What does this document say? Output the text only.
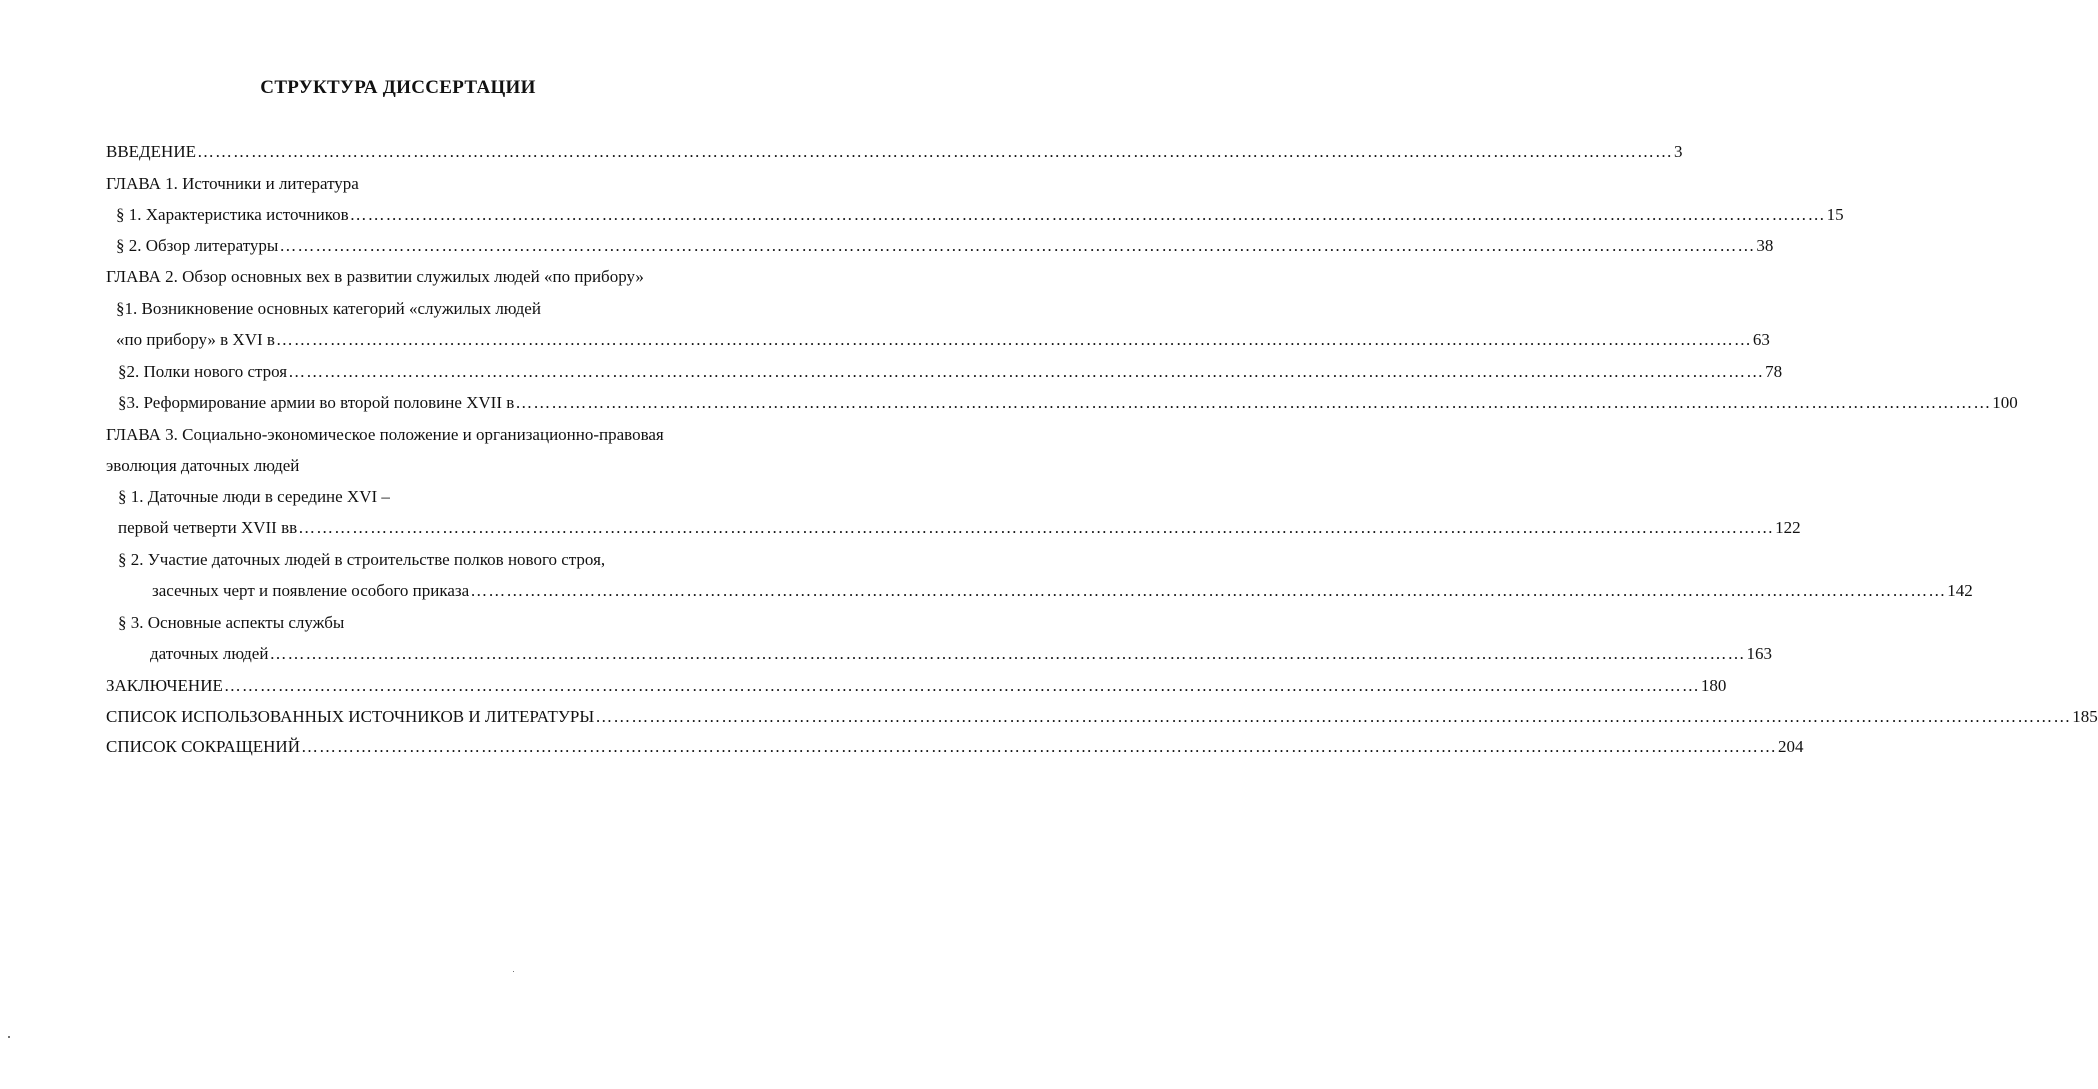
СТРУКТУРА ДИССЕРТАЦИИ
ВВЕДЕНИЕ ………………………………………………………………………………………………………………………………………………………………………………………………………………………… 3
ГЛАВА 1. Источники и литература
§ 1. Характеристика источников ………………………………………………………………………………………………………………………………………………………………………………………………………………………… 15
§ 2. Обзор литературы ………………………………………………………………………………………………………………………………………………………………………………………………………………………… 38
ГЛАВА 2. Обзор основных вех в развитии служилых людей «по прибору»
§1. Возникновение основных категорий «служилых людей
«по прибору» в XVI в ………………………………………………………………………………………………………………………………………………………………………………………………………………………… 63
§2. Полки нового строя ………………………………………………………………………………………………………………………………………………………………………………………………………………………… 78
§3. Реформирование армии во второй половине XVII в ………………………………………………………………………………………………………………………………………………………………………………………………………………………… 100
ГЛАВА 3. Социально-экономическое положение и организационно-правовая
эволюция даточных людей
§ 1. Даточные люди в середине XVI –
первой четверти XVII вв ………………………………………………………………………………………………………………………………………………………………………………………………………………………… 122
§ 2. Участие даточных людей в строительстве полков нового строя,
засечных черт и появление особого приказа ………………………………………………………………………………………………………………………………………………………………………………………………………………………… 142
§ 3. Основные аспекты службы
даточных людей ………………………………………………………………………………………………………………………………………………………………………………………………………………………… 163
ЗАКЛЮЧЕНИЕ ………………………………………………………………………………………………………………………………………………………………………………………………………………………… 180
СПИСОК ИСПОЛЬЗОВАННЫХ ИСТОЧНИКОВ И ЛИТЕРАТУРЫ ………………………………………………………………………………………………………………………………………………………………………………………………………………………… 185
СПИСОК СОКРАЩЕНИЙ ………………………………………………………………………………………………………………………………………………………………………………………………………………………… 204
